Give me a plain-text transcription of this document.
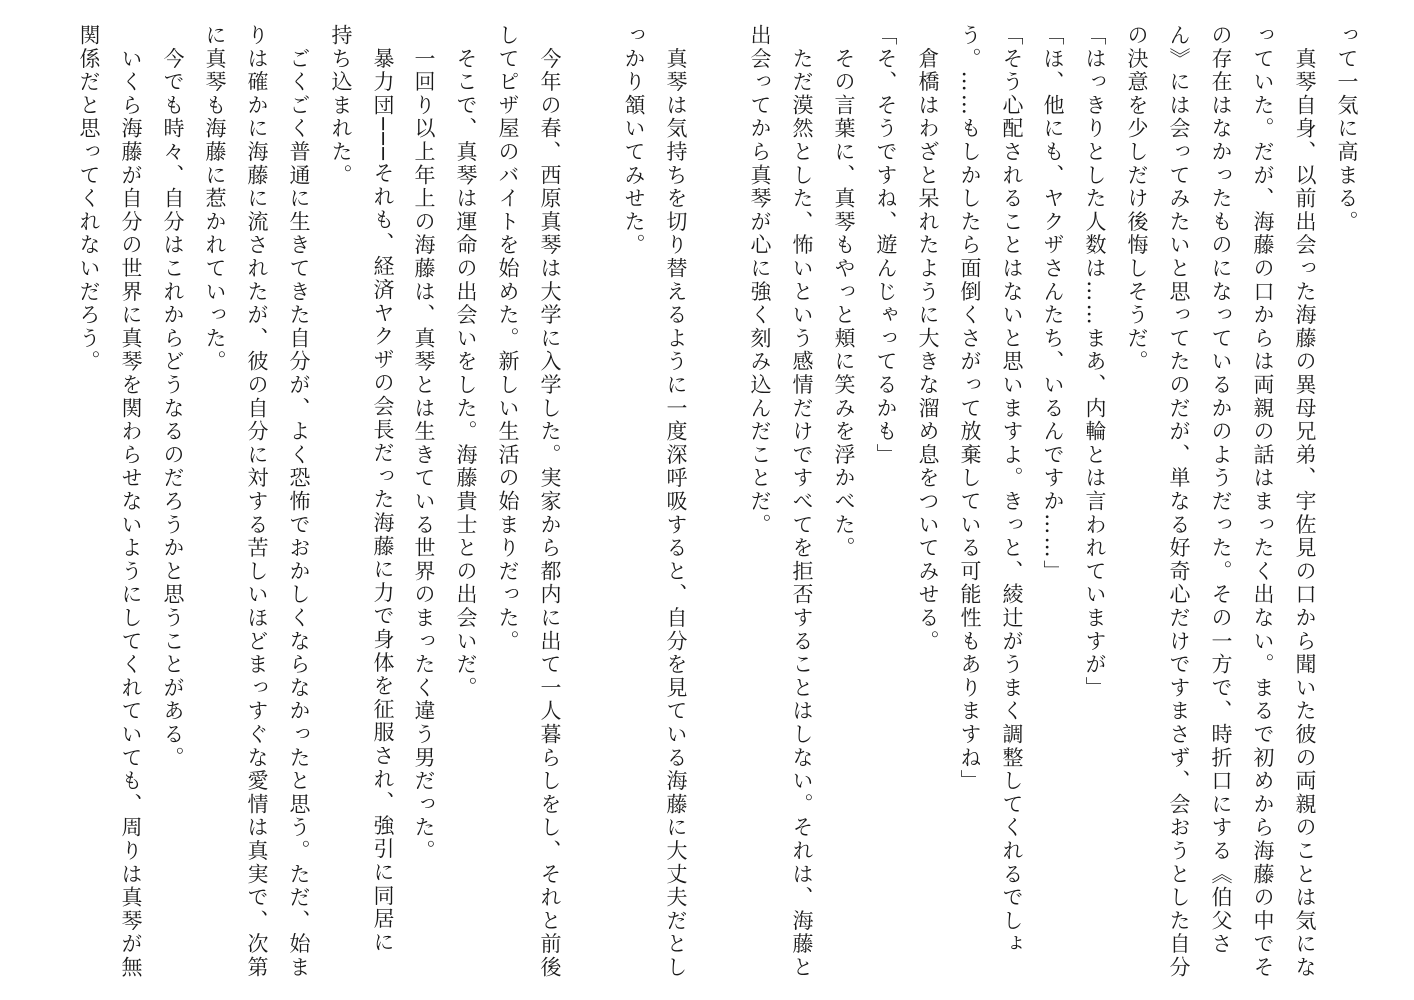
って一気に高まる。
　真琴自身、以前出会った海藤の異母兄弟、宇佐見の口から聞いた彼の両親のことは気にな
っていた。だが、海藤の口からは両親の話はまったく出ない。まるで初めから海藤の中でそ
の存在はなかったものになっているかのようだった。その一方で、時折口にする《伯父さ
ん》には会ってみたいと思ってたのだが、単なる好奇心だけですまさず、会おうとした自分
の決意を少しだけ後悔しそうだ。
「はっきりとした人数は……まあ、内輪とは言われていますが」
「ほ、他にも、ヤクザさんたち、いるんですか……」
「そう心配されることはないと思いますよ。きっと、綾辻がうまく調整してくれるでしょ
う。……もしかしたら面倒くさがって放棄している可能性もありますね」
　倉橋はわざと呆れたように大きな溜め息をついてみせる。
「そ、そうですね、遊んじゃってるかも」
　その言葉に、真琴もやっと頬に笑みを浮かべた。
　ただ漠然とした、怖いという感情だけですべてを拒否することはしない。それは、海藤と
出会ってから真琴が心に強く刻み込んだことだ。
　真琴は気持ちを切り替えるように一度深呼吸すると、自分を見ている海藤に大丈夫だとし
っかり頷いてみせた。
　今年の春、西原真琴は大学に入学した。実家から都内に出て一人暮らしをし、それと前後
してピザ屋のバイトを始めた。新しい生活の始まりだった。
　そこで、真琴は運命の出会いをした。海藤貴士との出会いだ。
　一回り以上年上の海藤は、真琴とは生きている世界のまったく違う男だった。
　暴力団───それも、経済ヤクザの会長だった海藤に力で身体を征服され、強引に同居に
持ち込まれた。
　ごくごく普通に生きてきた自分が、よく恐怖でおかしくならなかったと思う。ただ、始ま
りは確かに海藤に流されたが、彼の自分に対する苦しいほどまっすぐな愛情は真実で、次第
に真琴も海藤に惹かれていった。
　今でも時々、自分はこれからどうなるのだろうかと思うことがある。
　いくら海藤が自分の世界に真琴を関わらせないようにしてくれていても、周りは真琴が無
関係だと思ってくれないだろう。
